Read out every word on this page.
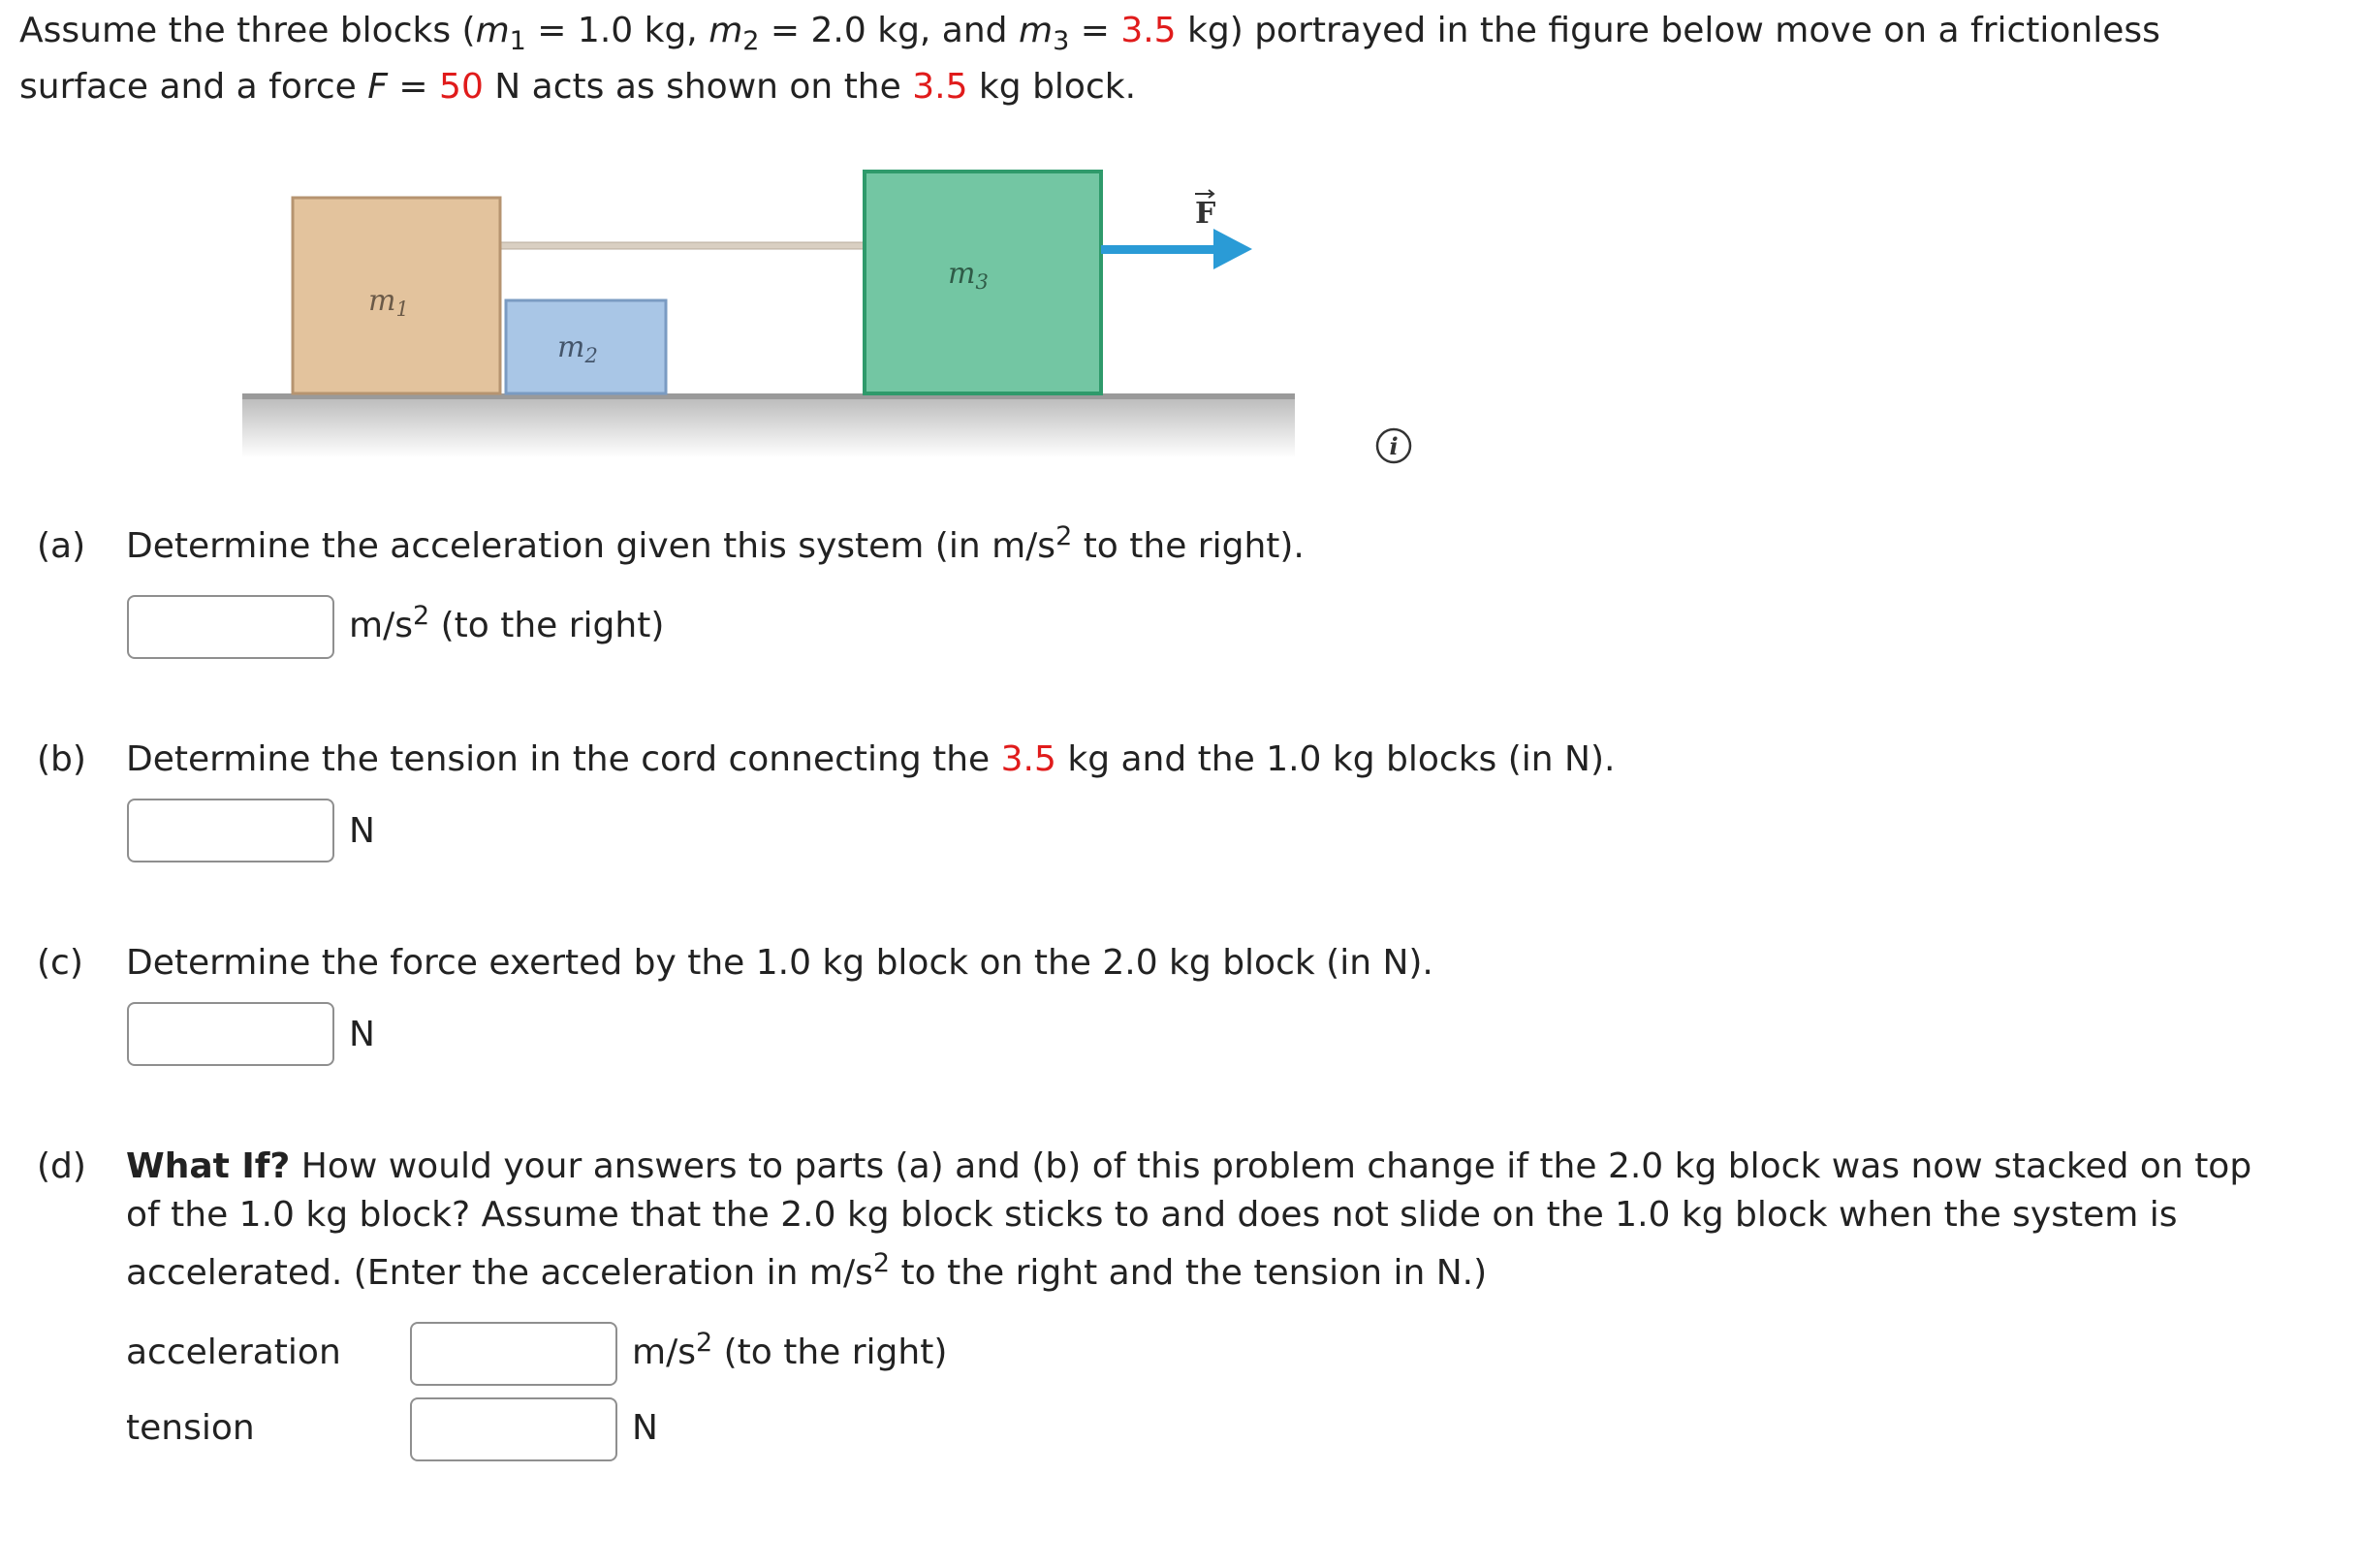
Assume the three blocks ($m_1 = 1.0$ kg, $m_2 = 2.0$ kg, and $m_3 = 3.5$ kg) portrayed in the figure below move on a frictionless
surface and a force F = 50 N acts as shown on the 3.5 kg block.
$m_1$
$m_2$
$m_3$
F
i
(a) Determine the acceleration given this system (in $m/s^2$ to the right).
$m/s^2$ (to the right)
(b) Determine the tension in the cord connecting the 3.5 kg and the 1.0 kg blocks (in N).
N
(c) Determine the force exerted by the 1.0 kg block on the 2.0 kg block (in N).
N
(d) What If? How would your answers to parts (a) and (b) of this problem change if the 2.0 kg block was now stacked on top
of the 1.0 kg block? Assume that the 2.0 kg block sticks to and does not slide on the 1.0 kg block when the system is
accelerated. (Enter the acceleration in $m/s^2$ to the right and the tension in N.)
acceleration	$m/s^2$ (to the right)
tension	N
